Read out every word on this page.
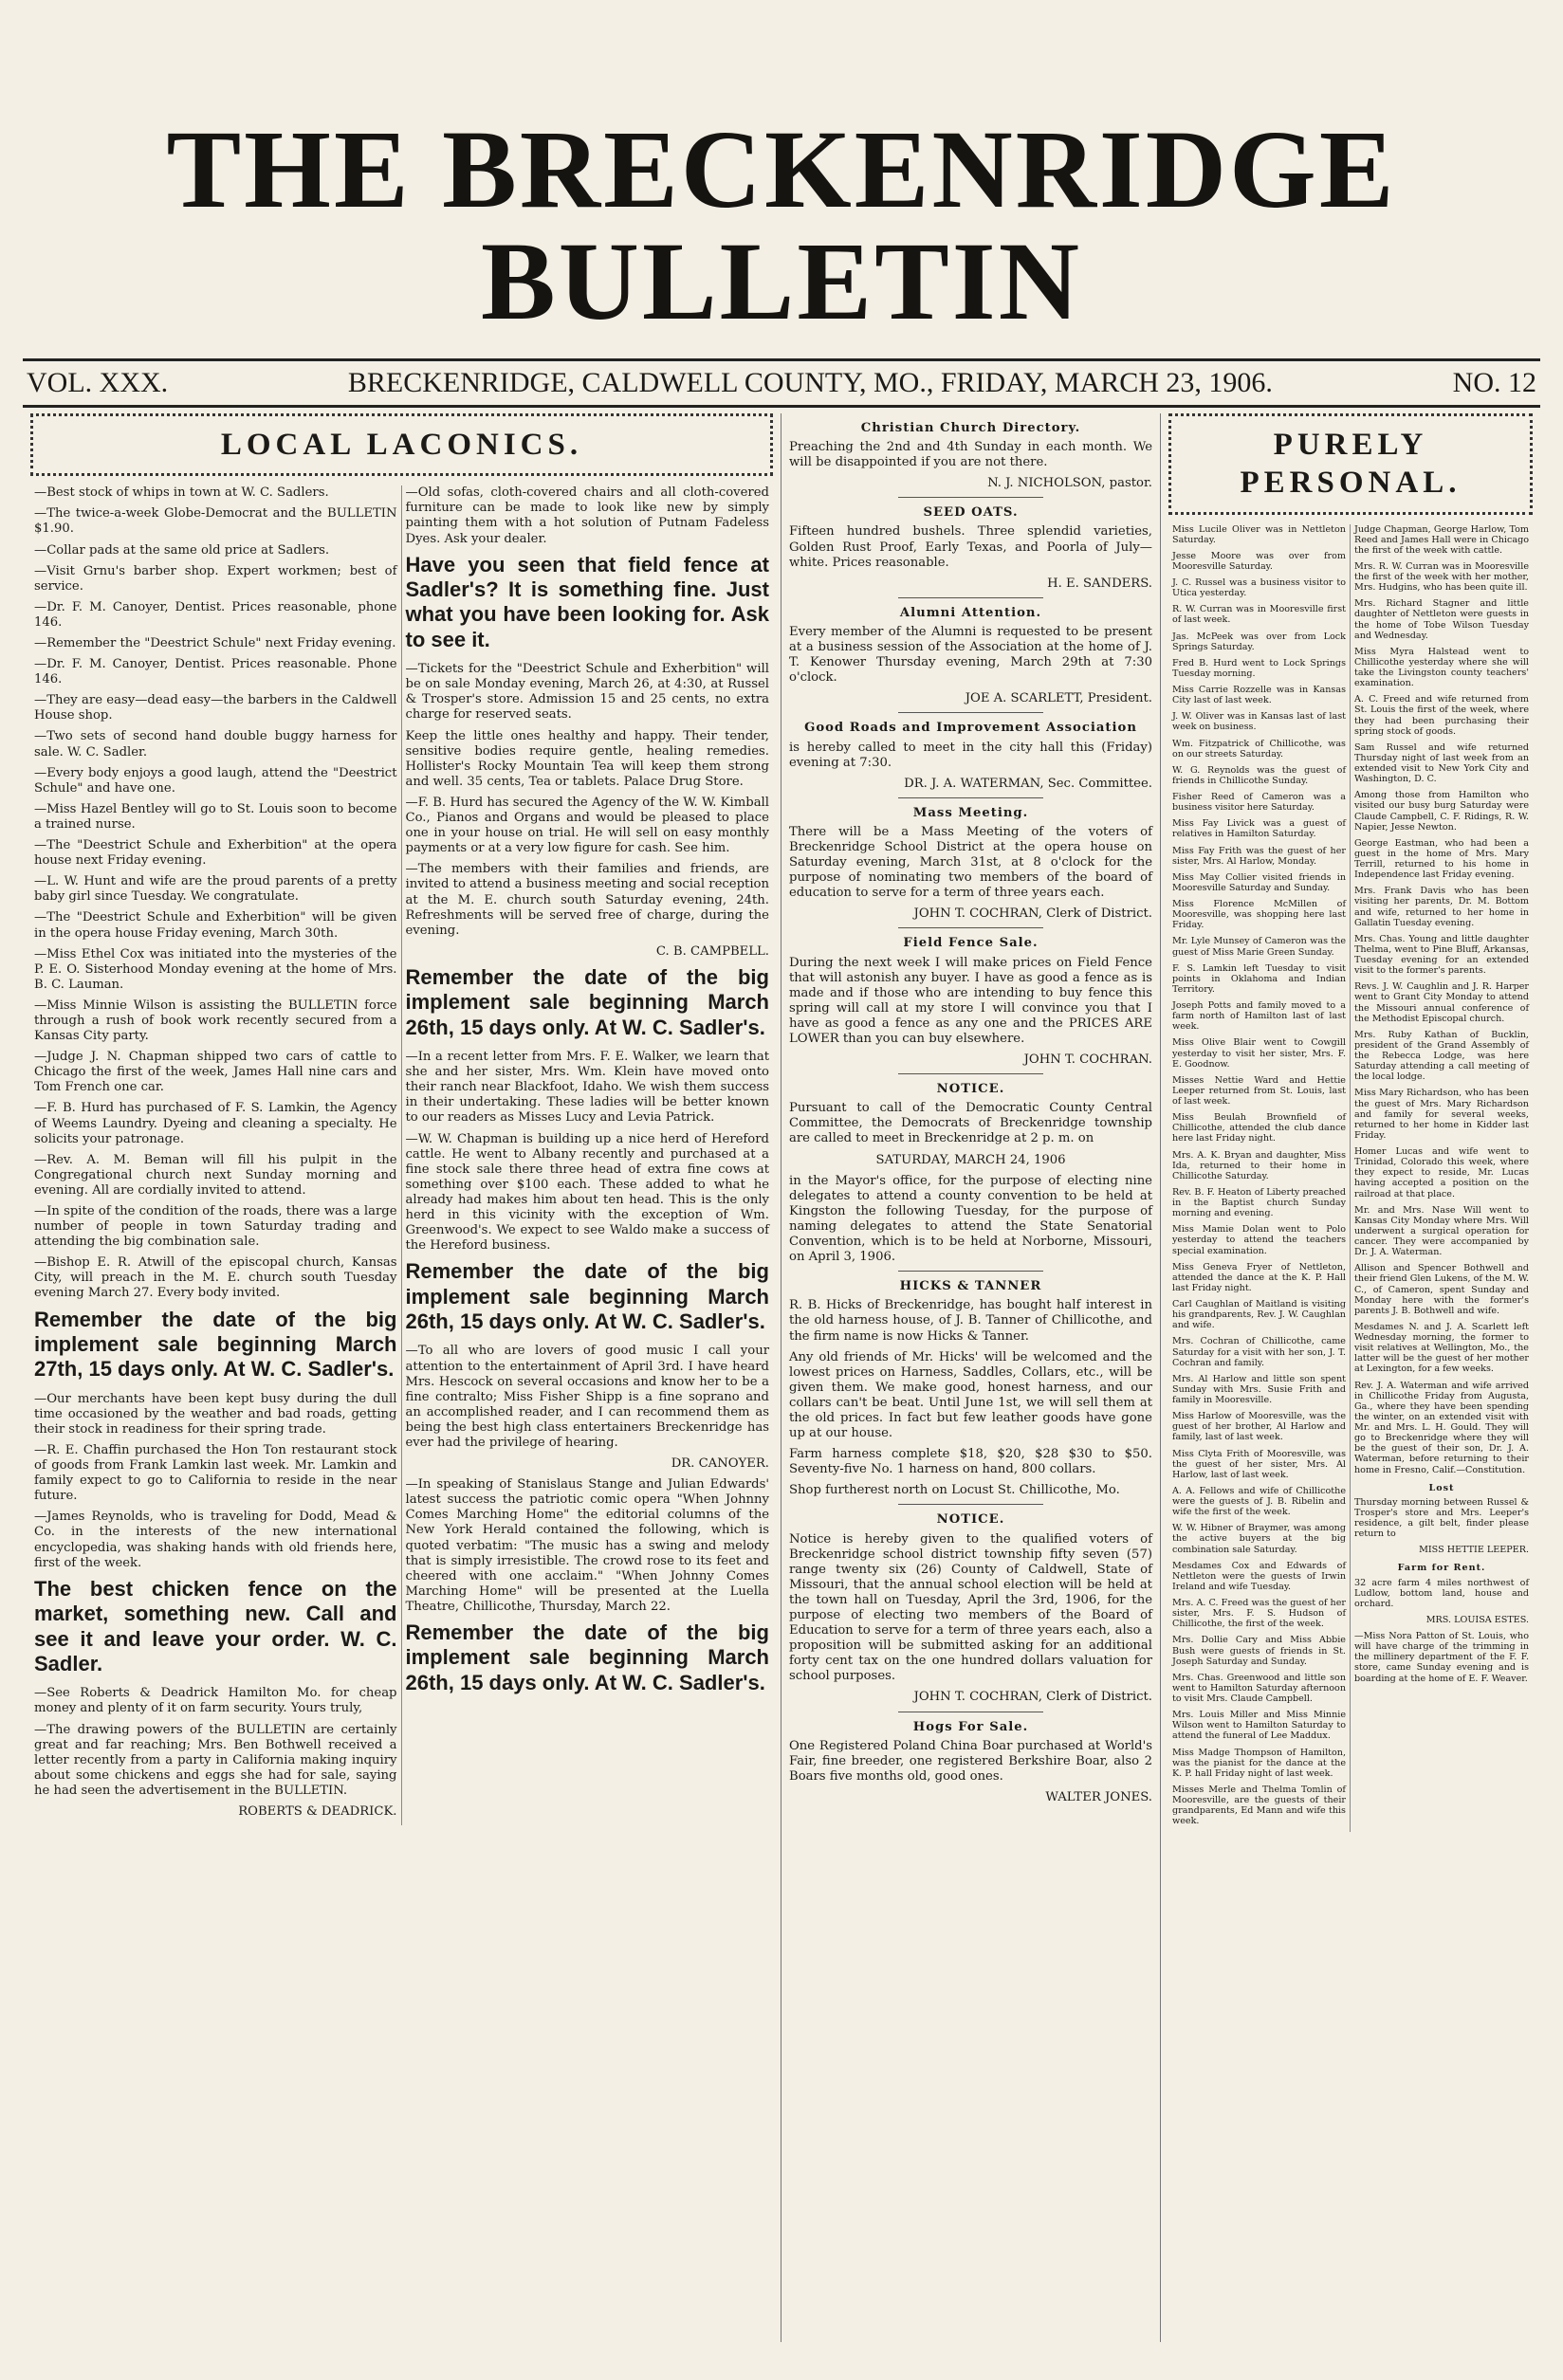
THE BRECKENRIDGE BULLETIN
VOL. XXX.	BRECKENRIDGE, CALDWELL COUNTY, MO., FRIDAY, MARCH 23, 1906.	NO. 12
LOCAL LACONICS.

—Best stock of whips in town at W. C. Sadlers.

—The twice-a-week Globe-Democrat and the BULLETIN $1.90.

—Collar pads at the same old price at Sadlers.

—Visit Grnu's barber shop. Expert workmen; best of service.

—Dr. F. M. Canoyer, Dentist. Prices reasonable, phone 146.

—Remember the "Deestrict Schule" next Friday evening.

—Dr. F. M. Canoyer, Dentist. Prices reasonable. Phone 146.

—They are easy—dead easy—the barbers in the Caldwell House shop.

—Two sets of second hand double buggy harness for sale. W. C. Sadler.

—Every body enjoys a good laugh, attend the "Deestrict Schule" and have one.

—Miss Hazel Bentley will go to St. Louis soon to become a trained nurse.

—The "Deestrict Schule and Exherbition" at the opera house next Friday evening.

—L. W. Hunt and wife are the proud parents of a pretty baby girl since Tuesday. We congratulate.

—The "Deestrict Schule and Exherbition" will be given in the opera house Friday evening, March 30th.

—Miss Ethel Cox was initiated into the mysteries of the P. E. O. Sisterhood Monday evening at the home of Mrs. B. C. Lauman.

—Miss Minnie Wilson is assisting the BULLETIN force through a rush of book work recently secured from a Kansas City party.

—Judge J. N. Chapman shipped two cars of cattle to Chicago the first of the week, James Hall nine cars and Tom French one car.

—F. B. Hurd has purchased of F. S. Lamkin, the Agency of Weems Laundry. Dyeing and cleaning a specialty. He solicits your patronage.

—Rev. A. M. Beman will fill his pulpit in the Congregational church next Sunday morning and evening. All are cordially invited to attend.

—In spite of the condition of the roads, there was a large number of people in town Saturday trading and attending the big combination sale.

—Bishop E. R. Atwill of the episcopal church, Kansas City, will preach in the M. E. church south Tuesday evening March 27. Every body invited.

Remember the date of the big implement sale beginning March 27th, 15 days only. At W. C. Sadler's.

—Our merchants have been kept busy during the dull time occasioned by the weather and bad roads, getting their stock in readiness for their spring trade.

—R. E. Chaffin purchased the Hon Ton restaurant stock of goods from Frank Lamkin last week. Mr. Lamkin and family expect to go to California to reside in the near future.

—James Reynolds, who is traveling for Dodd, Mead & Co. in the interests of the new international encyclopedia, was shaking hands with old friends here, first of the week.

The best chicken fence on the market, something new. Call and see it and leave your order. W. C. Sadler.

—See Roberts & Deadrick Hamilton Mo. for cheap money and plenty of it on farm security. Yours truly,

—The drawing powers of the BULLETIN are certainly great and far reaching; Mrs. Ben Bothwell received a letter recently from a party in California making inquiry about some chickens and eggs she had for sale, saying he had seen the advertisement in the BULLETIN.

ROBERTS & DEADRICK.

—Old sofas, cloth-covered chairs and all cloth-covered furniture can be made to look like new by simply painting them with a hot solution of Putnam Fadeless Dyes. Ask your dealer.

Have you seen that field fence at Sadler's? It is something fine. Just what you have been looking for. Ask to see it.

—Tickets for the "Deestrict Schule and Exherbition" will be on sale Monday evening, March 26, at 4:30, at Russel & Trosper's store. Admission 15 and 25 cents, no extra charge for reserved seats.

Keep the little ones healthy and happy. Their tender, sensitive bodies require gentle, healing remedies. Hollister's Rocky Mountain Tea will keep them strong and well. 35 cents, Tea or tablets. Palace Drug Store.

—F. B. Hurd has secured the Agency of the W. W. Kimball Co., Pianos and Organs and would be pleased to place one in your house on trial. He will sell on easy monthly payments or at a very low figure for cash. See him.

—The members with their families and friends, are invited to attend a business meeting and social reception at the M. E. church south Saturday evening, 24th. Refreshments will be served free of charge, during the evening.

C. B. CAMPBELL.

Remember the date of the big implement sale beginning March 26th, 15 days only. At W. C. Sadler's.

—In a recent letter from Mrs. F. E. Walker, we learn that she and her sister, Mrs. Wm. Klein have moved onto their ranch near Blackfoot, Idaho. We wish them success in their undertaking. These ladies will be better known to our readers as Misses Lucy and Levia Patrick.

—W. W. Chapman is building up a nice herd of Hereford cattle. He went to Albany recently and purchased at a fine stock sale there three head of extra fine cows at something over $100 each. These added to what he already had makes him about ten head. This is the only herd in this vicinity with the exception of Wm. Greenwood's. We expect to see Waldo make a success of the Hereford business.

Remember the date of the big implement sale beginning March 26th, 15 days only. At W. C. Sadler's.

—To all who are lovers of good music I call your attention to the entertainment of April 3rd. I have heard Mrs. Hescock on several occasions and know her to be a fine contralto; Miss Fisher Shipp is a fine soprano and an accomplished reader, and I can recommend them as being the best high class entertainers Breckenridge has ever had the privilege of hearing.

DR. CANOYER.

—In speaking of Stanislaus Stange and Julian Edwards' latest success the patriotic comic opera "When Johnny Comes Marching Home" the editorial columns of the New York Herald contained the following, which is quoted verbatim: "The music has a swing and melody that is simply irresistible. The crowd rose to its feet and cheered with one acclaim." "When Johnny Comes Marching Home" will be presented at the Luella Theatre, Chillicothe, Thursday, March 22.

Remember the date of the big implement sale beginning March 26th, 15 days only. At W. C. Sadler's.
Christian Church Directory.

Preaching the 2nd and 4th Sunday in each month. We will be disappointed if you are not there.

N. J. NICHOLSON, pastor.

SEED OATS.

Fifteen hundred bushels. Three splendid varieties, Golden Rust Proof, Early Texas, and Poorla of July—white. Prices reasonable.

H. E. SANDERS.

Alumni Attention.

Every member of the Alumni is requested to be present at a business session of the Association at the home of J. T. Kenower Thursday evening, March 29th at 7:30 o'clock.

JOE A. SCARLETT, President.

Good Roads and Improvement Association

is hereby called to meet in the city hall this (Friday) evening at 7:30.

DR. J. A. WATERMAN, Sec. Committee.

Mass Meeting.

There will be a Mass Meeting of the voters of Breckenridge School District at the opera house on Saturday evening, March 31st, at 8 o'clock for the purpose of nominating two members of the board of education to serve for a term of three years each.

JOHN T. COCHRAN, Clerk of District.

Field Fence Sale.

During the next week I will make prices on Field Fence that will astonish any buyer. I have as good a fence as is made and if those who are intending to buy fence this spring will call at my store I will convince you that I have as good a fence as any one and the PRICES ARE LOWER than you can buy elsewhere.

JOHN T. COCHRAN.

NOTICE.

Pursuant to call of the Democratic County Central Committee, the Democrats of Breckenridge township are called to meet in Breckenridge at 2 p. m. on

SATURDAY, MARCH 24, 1906

in the Mayor's office, for the purpose of electing nine delegates to attend a county convention to be held at Kingston the following Tuesday, for the purpose of naming delegates to attend the State Senatorial Convention, which is to be held at Norborne, Missouri, on April 3, 1906.

HICKS & TANNER

R. B. Hicks of Breckenridge, has bought half interest in the old harness house, of J. B. Tanner of Chillicothe, and the firm name is now Hicks & Tanner.

Any old friends of Mr. Hicks' will be welcomed and the lowest prices on Harness, Saddles, Collars, etc., will be given them. We make good, honest harness, and our collars can't be beat. Until June 1st, we will sell them at the old prices. In fact but few leather goods have gone up at our house.

Farm harness complete $18, $20, $28 $30 to $50. Seventy-five No. 1 harness on hand, 800 collars.

Shop furtherest north on Locust St. Chillicothe, Mo.

NOTICE.

Notice is hereby given to the qualified voters of Breckenridge school district township fifty seven (57) range twenty six (26) County of Caldwell, State of Missouri, that the annual school election will be held at the town hall on Tuesday, April the 3rd, 1906, for the purpose of electing two members of the Board of Education to serve for a term of three years each, also a proposition will be submitted asking for an additional forty cent tax on the one hundred dollars valuation for school purposes.

JOHN T. COCHRAN, Clerk of District.

Hogs For Sale.

One Registered Poland China Boar purchased at World's Fair, fine breeder, one registered Berkshire Boar, also 2 Boars five months old, good ones.

WALTER JONES.

PURELY PERSONAL.

Miss Lucile Oliver was in Nettleton Saturday.

Jesse Moore was over from Mooresville Saturday.

J. C. Russel was a business visitor to Utica yesterday.

R. W. Curran was in Mooresville first of last week.

Jas. McPeek was over from Lock Springs Saturday.

Fred B. Hurd went to Lock Springs Tuesday morning.

Miss Carrie Rozzelle was in Kansas City last of last week.

J. W. Oliver was in Kansas last of last week on business.

Wm. Fitzpatrick of Chillicothe, was on our streets Saturday.

W. G. Reynolds was the guest of friends in Chillicothe Sunday.

Fisher Reed of Cameron was a business visitor here Saturday.

Miss Fay Livick was a guest of relatives in Hamilton Saturday.

Miss Fay Frith was the guest of her sister, Mrs. Al Harlow, Monday.

Miss May Collier visited friends in Mooresville Saturday and Sunday.

Miss Florence McMillen of Mooresville, was shopping here last Friday.

Mr. Lyle Munsey of Cameron was the guest of Miss Marie Green Sunday.

F. S. Lamkin left Tuesday to visit points in Oklahoma and Indian Territory.

Joseph Potts and family moved to a farm north of Hamilton last of last week.

Miss Olive Blair went to Cowgill yesterday to visit her sister, Mrs. F. E. Goodnow.

Misses Nettie Ward and Hettie Leeper returned from St. Louis, last of last week.

Miss Beulah Brownfield of Chillicothe, attended the club dance here last Friday night.

Mrs. A. K. Bryan and daughter, Miss Ida, returned to their home in Chillicothe Saturday.

Rev. B. F. Heaton of Liberty preached in the Baptist church Sunday morning and evening.

Miss Mamie Dolan went to Polo yesterday to attend the teachers special examination.

Miss Geneva Fryer of Nettleton, attended the dance at the K. P. Hall last Friday night.

Carl Caughlan of Maitland is visiting his grandparents, Rev. J. W. Caughlan and wife.

Mrs. Cochran of Chillicothe, came Saturday for a visit with her son, J. T. Cochran and family.

Mrs. Al Harlow and little son spent Sunday with Mrs. Susie Frith and family in Mooresville.

Miss Harlow of Mooresville, was the guest of her brother, Al Harlow and family, last of last week.

Miss Clyta Frith of Mooresville, was the guest of her sister, Mrs. Al Harlow, last of last week.

A. A. Fellows and wife of Chillicothe were the guests of J. B. Ribelin and wife the first of the week.

W. W. Hibner of Braymer, was among the active buyers at the big combination sale Saturday.

Mesdames Cox and Edwards of Nettleton were the guests of Irwin Ireland and wife Tuesday.

Mrs. A. C. Freed was the guest of her sister, Mrs. F. S. Hudson of Chillicothe, the first of the week.

Mrs. Dollie Cary and Miss Abbie Bush were guests of friends in St. Joseph Saturday and Sunday.

Mrs. Chas. Greenwood and little son went to Hamilton Saturday afternoon to visit Mrs. Claude Campbell.

Mrs. Louis Miller and Miss Minnie Wilson went to Hamilton Saturday to attend the funeral of Lee Maddux.

Miss Madge Thompson of Hamilton, was the pianist for the dance at the K. P. hall Friday night of last week.

Misses Merle and Thelma Tomlin of Mooresville, are the guests of their grandparents, Ed Mann and wife this week.

Judge Chapman, George Harlow, Tom Reed and James Hall were in Chicago the first of the week with cattle.

Mrs. R. W. Curran was in Mooresville the first of the week with her mother, Mrs. Hudgins, who has been quite ill.

Mrs. Richard Stagner and little daughter of Nettleton were guests in the home of Tobe Wilson Tuesday and Wednesday.

Miss Myra Halstead went to Chillicothe yesterday where she will take the Livingston county teachers' examination.

A. C. Freed and wife returned from St. Louis the first of the week, where they had been purchasing their spring stock of goods.

Sam Russel and wife returned Thursday night of last week from an extended visit to New York City and Washington, D. C.

Among those from Hamilton who visited our busy burg Saturday were Claude Campbell, C. F. Ridings, R. W. Napier, Jesse Newton.

George Eastman, who had been a guest in the home of Mrs. Mary Terrill, returned to his home in Independence last Friday evening.

Mrs. Frank Davis who has been visiting her parents, Dr. M. Bottom and wife, returned to her home in Gallatin Tuesday evening.

Mrs. Chas. Young and little daughter Thelma, went to Pine Bluff, Arkansas, Tuesday evening for an extended visit to the former's parents.

Revs. J. W. Caughlin and J. R. Harper went to Grant City Monday to attend the Missouri annual conference of the Methodist Episcopal church.

Mrs. Ruby Kathan of Bucklin, president of the Grand Assembly of the Rebecca Lodge, was here Saturday attending a call meeting of the local lodge.

Miss Mary Richardson, who has been the guest of Mrs. Mary Richardson and family for several weeks, returned to her home in Kidder last Friday.

Homer Lucas and wife went to Trinidad, Colorado this week, where they expect to reside, Mr. Lucas having accepted a position on the railroad at that place.

Mr. and Mrs. Nase Will went to Kansas City Monday where Mrs. Will underwent a surgical operation for cancer. They were accompanied by Dr. J. A. Waterman.

Allison and Spencer Bothwell and their friend Glen Lukens, of the M. W. C., of Cameron, spent Sunday and Monday here with the former's parents J. B. Bothwell and wife.

Mesdames N. and J. A. Scarlett left Wednesday morning, the former to visit relatives at Wellington, Mo., the latter will be the guest of her mother at Lexington, for a few weeks.

Rev. J. A. Waterman and wife arrived in Chillicothe Friday from Augusta, Ga., where they have been spending the winter, on an extended visit with Mr. and Mrs. L. H. Gould. They will go to Breckenridge where they will be the guest of their son, Dr. J. A. Waterman, before returning to their home in Fresno, Calif.—Constitution.

Lost

Thursday morning between Russel & Trosper's store and Mrs. Leeper's residence, a gilt belt, finder please return to

MISS HETTIE LEEPER.

Farm for Rent.

32 acre farm 4 miles northwest of Ludlow, bottom land, house and orchard.

MRS. LOUISA ESTES.

—Miss Nora Patton of St. Louis, who will have charge of the trimming in the millinery department of the F. F. store, came Sunday evening and is boarding at the home of E. F. Weaver.
